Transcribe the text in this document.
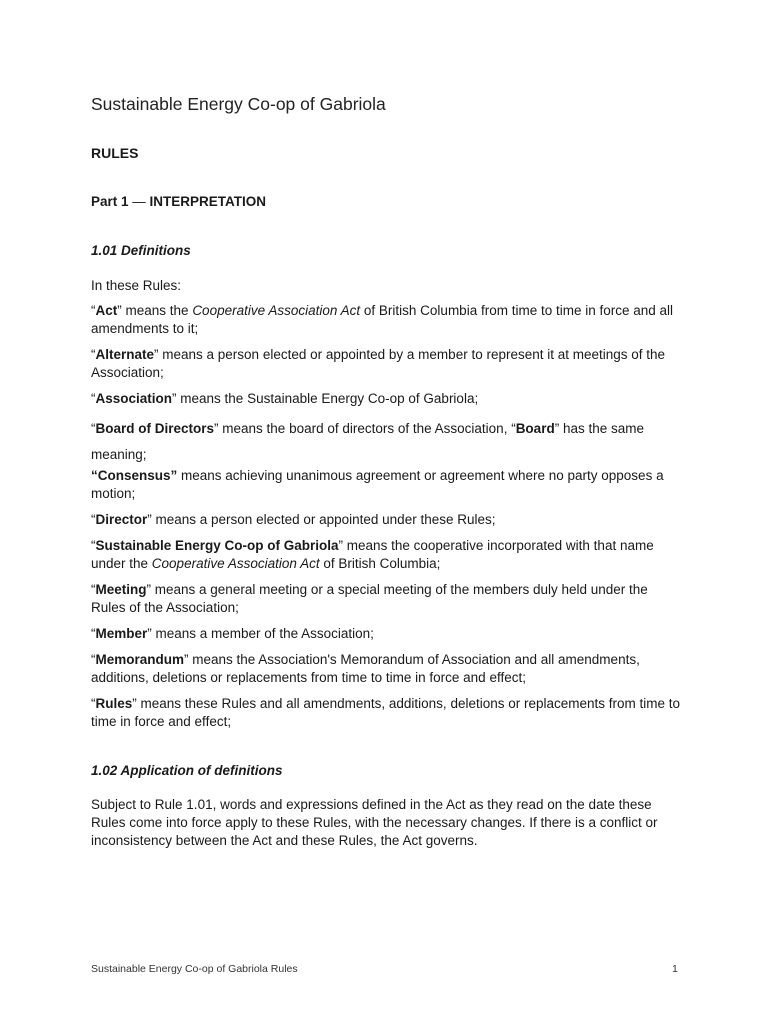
Sustainable Energy Co-op of Gabriola
RULES
Part 1 — INTERPRETATION
1.01 Definitions

In these Rules:

“Act” means the Cooperative Association Act of British Columbia from time to time in force and all amendments to it;

“Alternate” means a person elected or appointed by a member to represent it at meetings of the Association;

“Association” means the Sustainable Energy Co-op of Gabriola;

“Board of Directors” means the board of directors of the Association, “Board” has the same meaning;

“Consensus” means achieving unanimous agreement or agreement where no party opposes a motion;

“Director” means a person elected or appointed under these Rules;

“Sustainable Energy Co-op of Gabriola” means the cooperative incorporated with that name under the Cooperative Association Act of British Columbia;

“Meeting” means a general meeting or a special meeting of the members duly held under the Rules of the Association;

“Member” means a member of the Association;

“Memorandum” means the Association's Memorandum of Association and all amendments, additions, deletions or replacements from time to time in force and effect;

“Rules” means these Rules and all amendments, additions, deletions or replacements from time to time in force and effect;

1.02 Application of definitions

Subject to Rule 1.01, words and expressions defined in the Act as they read on the date these Rules come into force apply to these Rules, with the necessary changes. If there is a conflict or inconsistency between the Act and these Rules, the Act governs.

Sustainable Energy Co-op of Gabriola Rules	1
